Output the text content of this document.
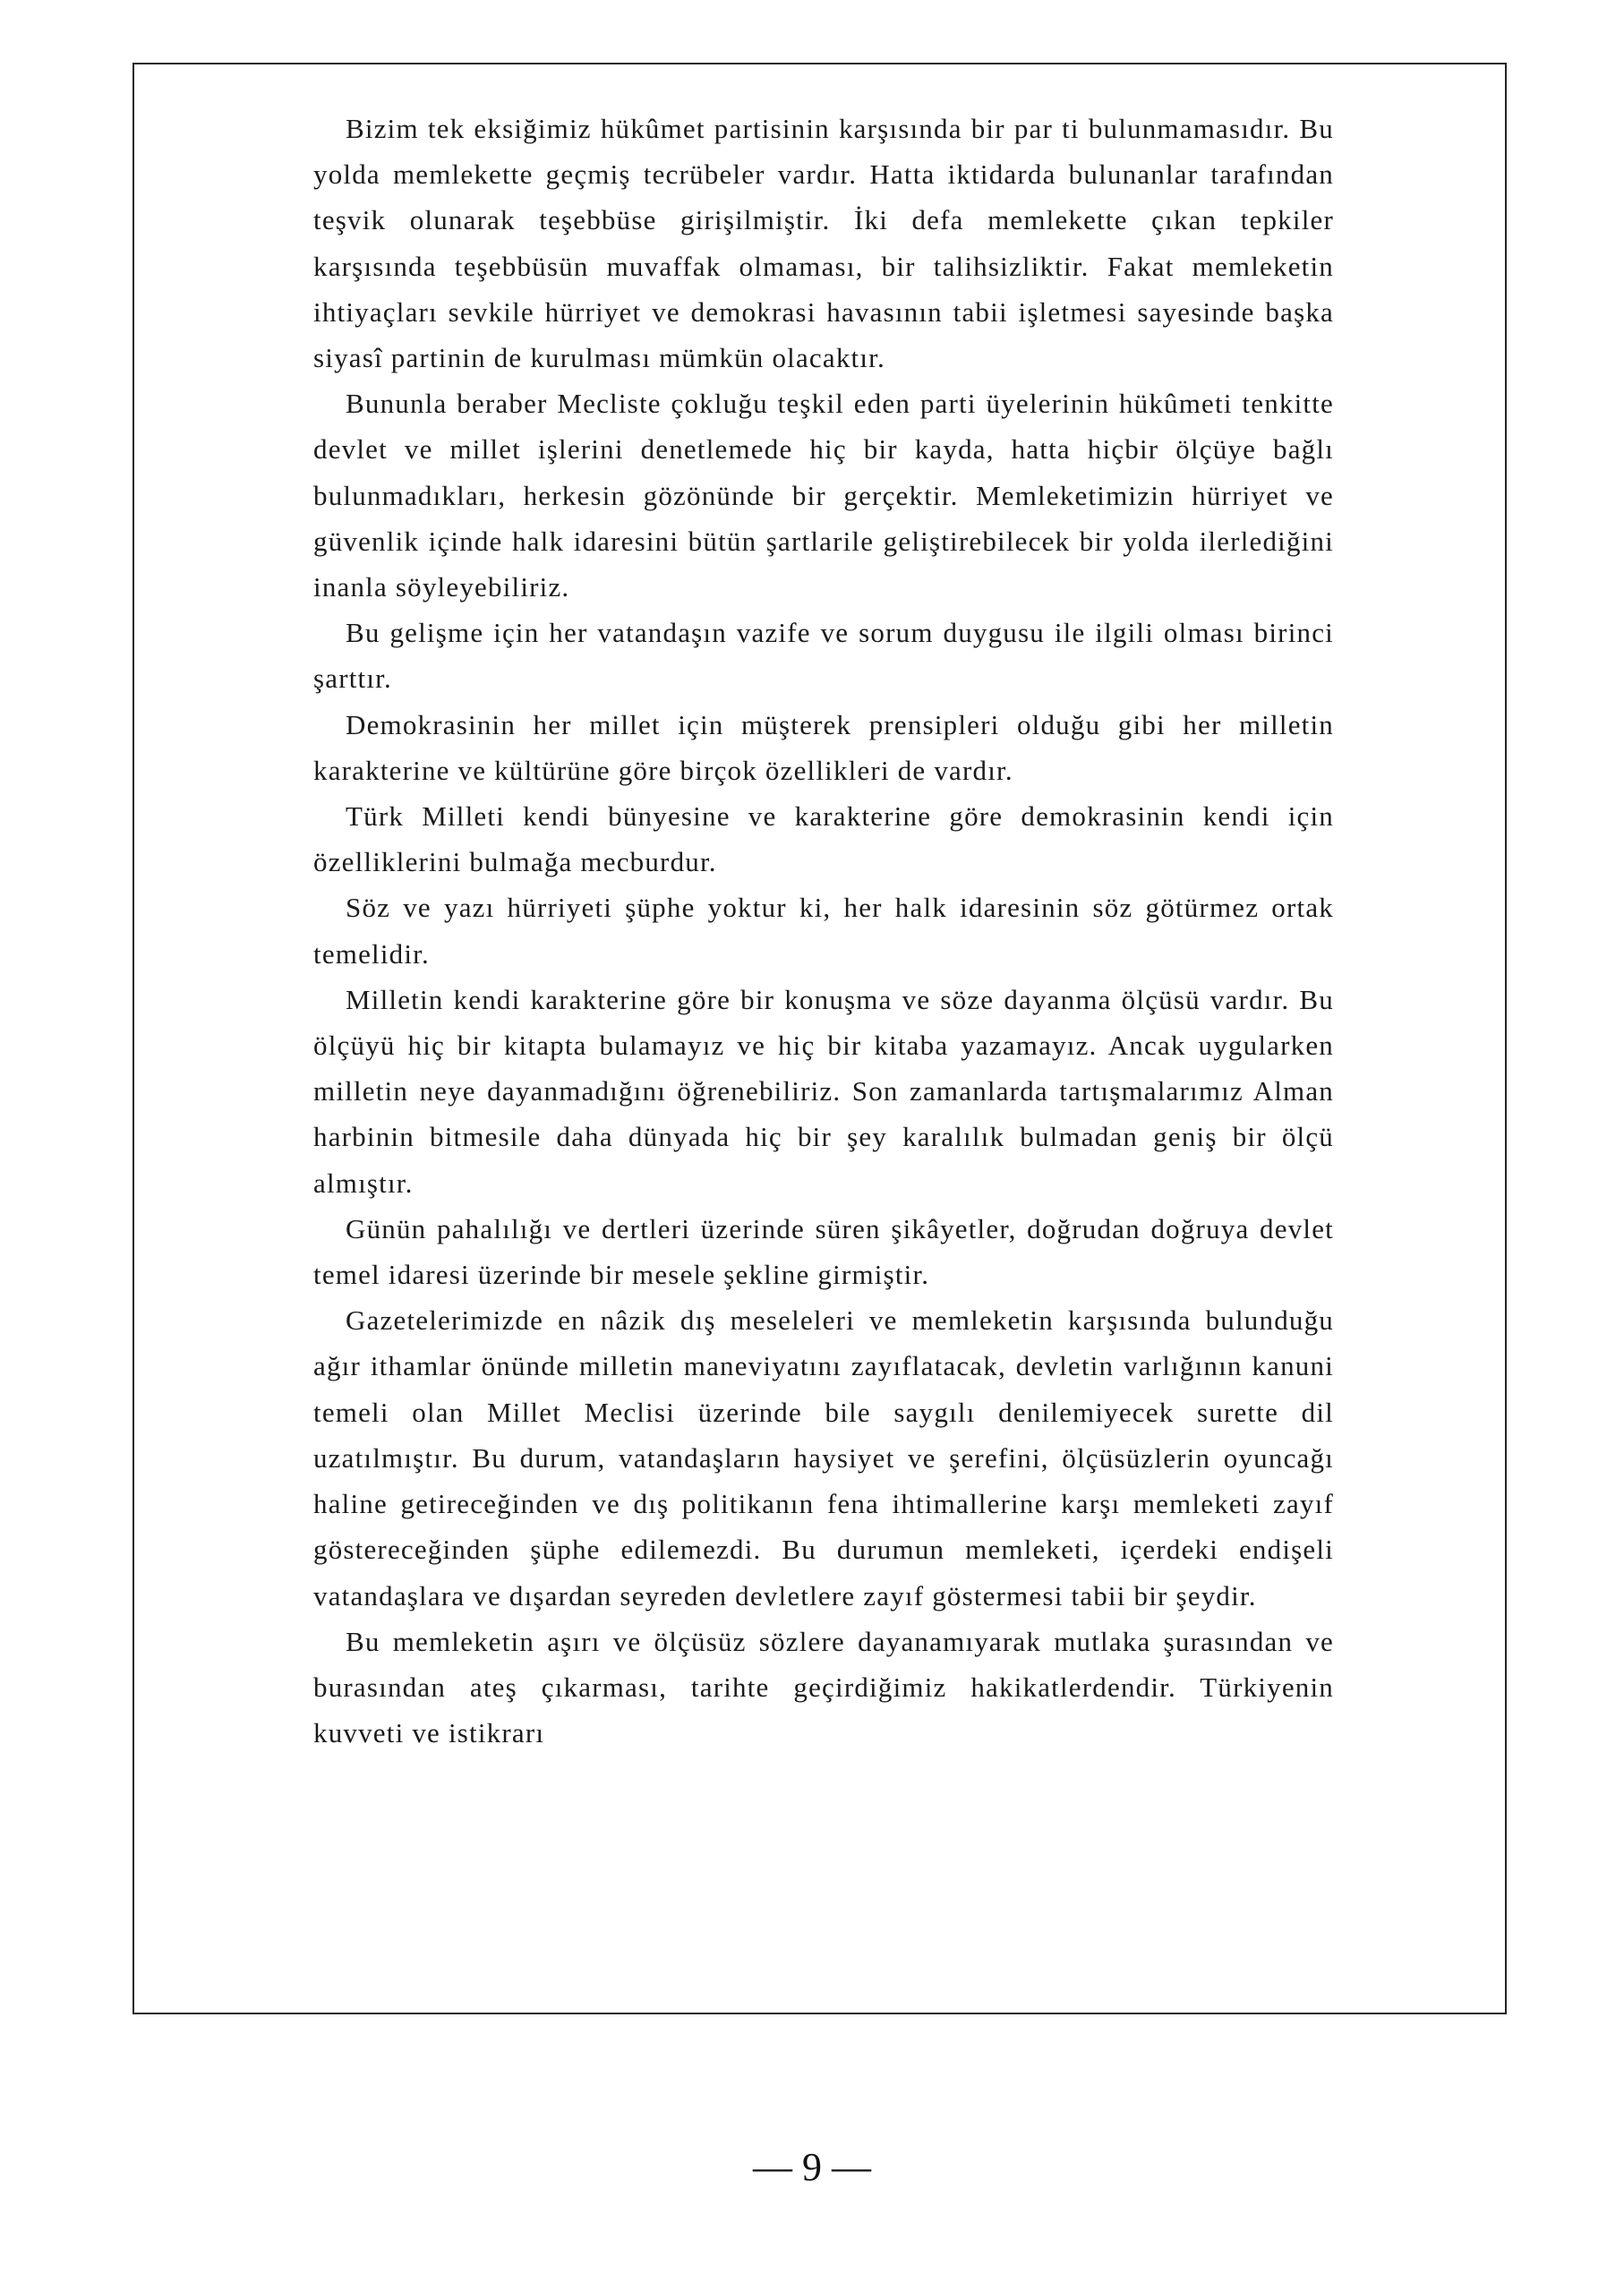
Bizim tek eksiğimiz hükûmet partisinin karşısında bir par ti bulunmamasıdır. Bu yolda memlekette geçmiş tecrübeler vardır. Hatta iktidarda bulunanlar tarafından teşvik olunarak teşebbüse girişilmiştir. İki defa memlekette çıkan tepkiler karşısında teşebbüsün muvaffak olmaması, bir talihsizliktir. Fakat memleketin ihtiyaçları sevkile hürriyet ve demokrasi havasının tabii işletmesi sayesinde başka siyasî partinin de kurulması mümkün olacaktır.

Bununla beraber Mecliste çokluğu teşkil eden parti üyelerinin hükûmeti tenkitte devlet ve millet işlerini denetlemede hiç bir kayda, hatta hiçbir ölçüye bağlı bulunmadıkları, herkesin gözönünde bir gerçektir. Memleketimizin hürriyet ve güvenlik içinde halk idaresini bütün şartlarile geliştirebilecek bir yolda ilerlediğini inanla söyleyebiliriz.

Bu gelişme için her vatandaşın vazife ve sorum duygusu ile ilgili olması birinci şarttır.

Demokrasinin her millet için müşterek prensipleri olduğu gibi her milletin karakterine ve kültürüne göre birçok özellikleri de vardır.

Türk Milleti kendi bünyesine ve karakterine göre demokrasinin kendi için özelliklerini bulmağa mecburdur.

Söz ve yazı hürriyeti şüphe yoktur ki, her halk idaresinin söz götürmez ortak temelidir.

Milletin kendi karakterine göre bir konuşma ve söze dayanma ölçüsü vardır. Bu ölçüyü hiç bir kitapta bulamayız ve hiç bir kitaba yazamayız. Ancak uygularken milletin neye dayanmadığını öğrenebiliriz. Son zamanlarda tartışmalarımız Alman harbinin bitmesile daha dünyada hiç bir şey karalılık bulmadan geniş bir ölçü almıştır.

Günün pahalılığı ve dertleri üzerinde süren şikâyetler, doğrudan doğruya devlet temel idaresi üzerinde bir mesele şekline girmiştir.

Gazetelerimizde en nâzik dış meseleleri ve memleketin karşısında bulunduğu ağır ithamlar önünde milletin maneviyatını zayıflatacak, devletin varlığının kanuni temeli olan Millet Meclisi üzerinde bile saygılı denilemiyecek surette dil uzatılmıştır. Bu durum, vatandaşların haysiyet ve şerefini, ölçüsüzlerin oyuncağı haline getireceğinden ve dış politikanın fena ihtimallerine karşı memleketi zayıf göstereceğinden şüphe edilemezdi. Bu durumun memleketi, içerdeki endişeli vatandaşlara ve dışardan seyreden devletlere zayıf göstermesi tabii bir şeydir.

Bu memleketin aşırı ve ölçüsüz sözlere dayanamıyarak mutlaka şurasından ve burasından ateş çıkarması, tarihte geçirdiğimiz hakikatlerdendir. Türkiyenin kuvveti ve istikrarı

— 9 —
